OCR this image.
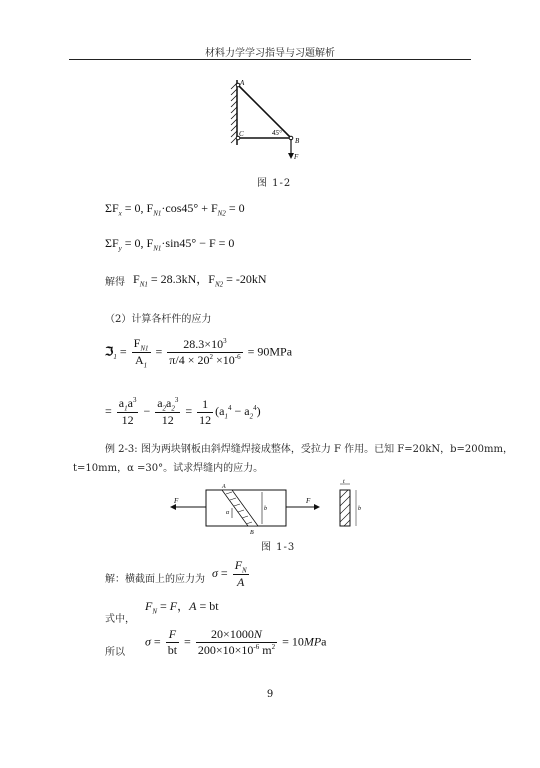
材料力学学习指导与习题解析
A
C
B
45°
F
图 1-2
$\Sigma F_x = 0$, $F_{N1}\cdot\cos 45^\circ + F_{N2} = 0$
$\Sigma F_y = 0$, $F_{N1}\cdot\sin 45^\circ - F = 0$
解得 $F_{N1} = 28.3kN$，$F_{N2} = -20kN$
（2）计算各杆件的应力
ℑ$_1$ = $\frac{F_{N1}}{A_1} = \frac{28.3\times 10^3}{\pi/4 \times 20^2 \times 10^{-6}} = 90MPa$
= $\frac{a_1a^3}{12} - \frac{a_2a_2^3}{12} = \frac{1}{12} (a_1^4 - a_2^4)$
例 2-3: 图为两块钢板由斜焊缝焊接成整体，受拉力 F 作用。已知 F=20kN，b=200mm，
t=10mm，α =30°。试求焊缝内的应力。
F	F
A
B
α
b
t
b
图 1-3
解：横截面上的应力为 $\sigma = \frac{F_N}{A}$
$F_N = F$，A = bt
式中，
所以
$\sigma = \frac{F}{bt} = \frac{20\times 1000N}{200\times 10\times 10^{-6} m^2} = 10MPa$
9
